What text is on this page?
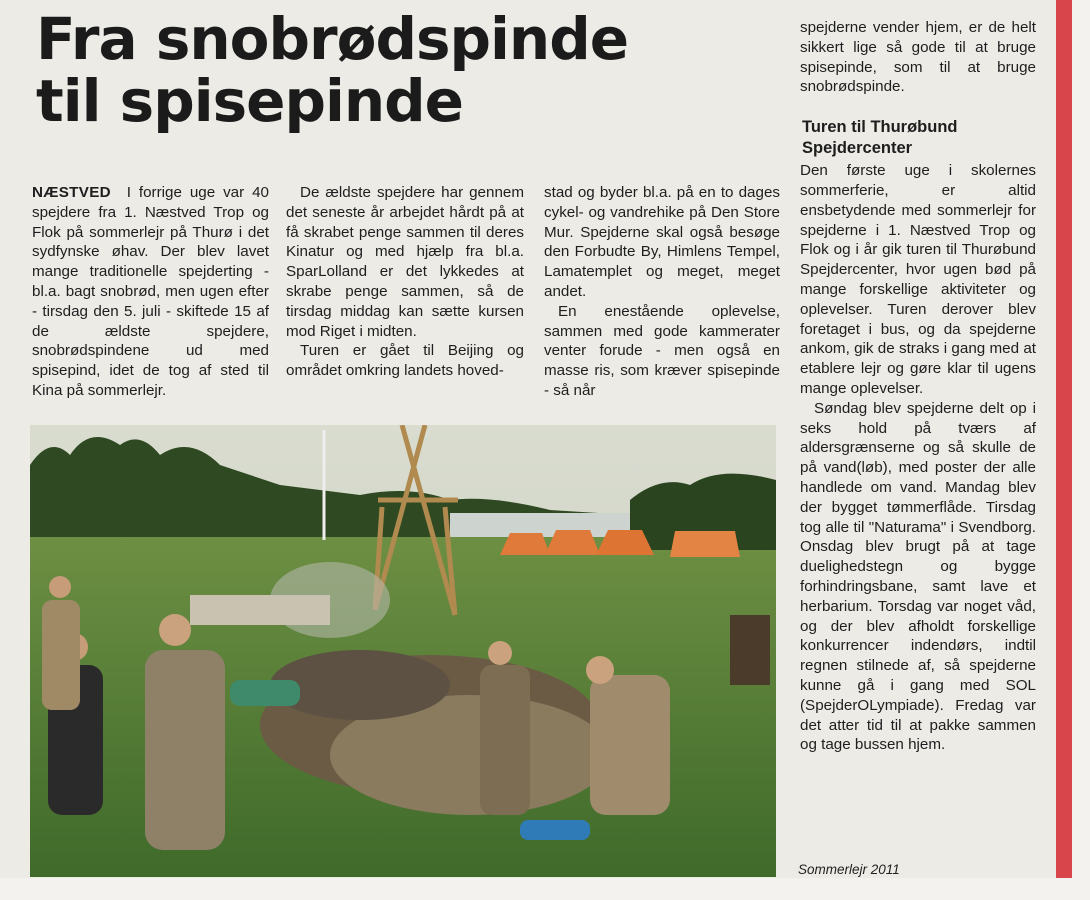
Fra snobrødspinde
til spisepinde

NÆSTVED I forrige uge var 40 spejdere fra 1. Næstved Trop og Flok på sommerlejr på Thurø i det sydfynske øhav. Der blev lavet mange traditionelle spejderting - bl.a. bagt snobrød, men ugen efter - tirsdag den 5. juli - skiftede 15 af de ældste spejdere, snobrødspindene ud med spisepind, idet de tog af sted til Kina på sommerlejr.

De ældste spejdere har gennem det seneste år arbejdet hårdt på at få skrabet penge sammen til deres Kinatur og med hjælp fra bl.a. SparLolland er det lykkedes at skrabe penge sammen, så de tirsdag middag kan sætte kursen mod Riget i midten.

Turen er gået til Beijing og området omkring landets hoved-

stad og byder bl.a. på en to dages cykel- og vandrehike på Den Store Mur. Spejderne skal også besøge den Forbudte By, Himlens Tempel, Lamatemplet og meget, meget andet.

En enestående oplevelse, sammen med gode kammerater venter forude - men også en masse ris, som kræver spisepinde - så når

spejderne vender hjem, er de helt sikkert lige så gode til at bruge spisepinde, som til at bruge snobrødspinde.

Turen til Thurøbund Spejdercenter

Den første uge i skolernes sommerferie, er altid ensbetydende med sommerlejr for spejderne i 1. Næstved Trop og Flok og i år gik turen til Thurøbund Spejdercenter, hvor ugen bød på mange forskellige aktiviteter og oplevelser. Turen derover blev foretaget i bus, og da spejderne ankom, gik de straks i gang med at etablere lejr og gøre klar til ugens mange oplevelser.

Søndag blev spejderne delt op i seks hold på tværs af aldersgrænserne og så skulle de på vand(løb), med poster der alle handlede om vand. Mandag blev der bygget tømmerflåde. Tirsdag tog alle til "Naturama" i Svendborg. Onsdag blev brugt på at tage duelighedstegn og bygge forhindringsbane, samt lave et herbarium. Torsdag var noget våd, og der blev afholdt forskellige konkurrencer indendørs, indtil regnen stilnede af, så spejderne kunne gå i gang med SOL (SpejderOLympiade). Fredag var det atter tid til at pakke sammen og tage bussen hjem.

Sommerlejr 2011
